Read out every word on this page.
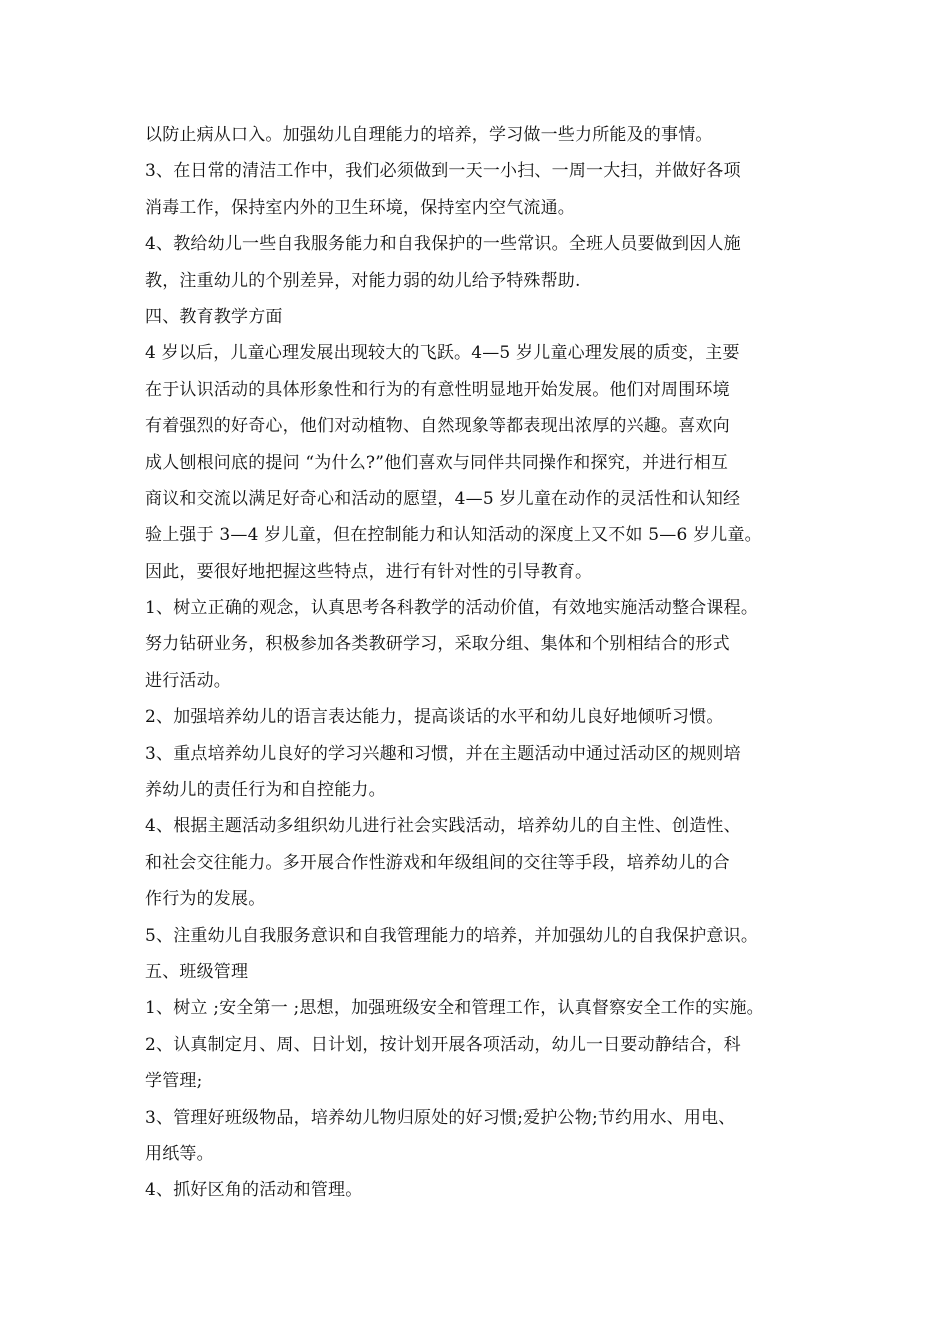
以防止病从口入。加强幼儿自理能力的培养，学习做一些力所能及的事情。
3、在日常的清洁工作中，我们必须做到一天一小扫、一周一大扫，并做好各项
消毒工作，保持室内外的卫生环境，保持室内空气流通。
4、教给幼儿一些自我服务能力和自我保护的一些常识。全班人员要做到因人施
教，注重幼儿的个别差异，对能力弱的幼儿给予特殊帮助.
四、教育教学方面
4 岁以后，儿童心理发展出现较大的飞跃。4—5 岁儿童心理发展的质变，主要
在于认识活动的具体形象性和行为的有意性明显地开始发展。他们对周围环境
有着强烈的好奇心，他们对动植物、自然现象等都表现出浓厚的兴趣。喜欢向
成人刨根问底的提问 “为什么?”他们喜欢与同伴共同操作和探究，并进行相互
商议和交流以满足好奇心和活动的愿望，4—5 岁儿童在动作的灵活性和认知经
验上强于 3—4 岁儿童，但在控制能力和认知活动的深度上又不如 5—6 岁儿童。
因此，要很好地把握这些特点，进行有针对性的引导教育。
1、树立正确的观念，认真思考各科教学的活动价值，有效地实施活动整合课程。
努力钻研业务，积极参加各类教研学习，采取分组、集体和个别相结合的形式
进行活动。
2、加强培养幼儿的语言表达能力，提高谈话的水平和幼儿良好地倾听习惯。
3、重点培养幼儿良好的学习兴趣和习惯，并在主题活动中通过活动区的规则培
养幼儿的责任行为和自控能力。
4、根据主题活动多组织幼儿进行社会实践活动，培养幼儿的自主性、创造性、
和社会交往能力。多开展合作性游戏和年级组间的交往等手段，培养幼儿的合
作行为的发展。
5、注重幼儿自我服务意识和自我管理能力的培养，并加强幼儿的自我保护意识。
五、班级管理
1、树立 ;安全第一 ;思想，加强班级安全和管理工作，认真督察安全工作的实施。
2、认真制定月、周、日计划，按计划开展各项活动，幼儿一日要动静结合，科
学管理;
3、管理好班级物品，培养幼儿物归原处的好习惯;爱护公物;节约用水、用电、
用纸等。
4、抓好区角的活动和管理。
